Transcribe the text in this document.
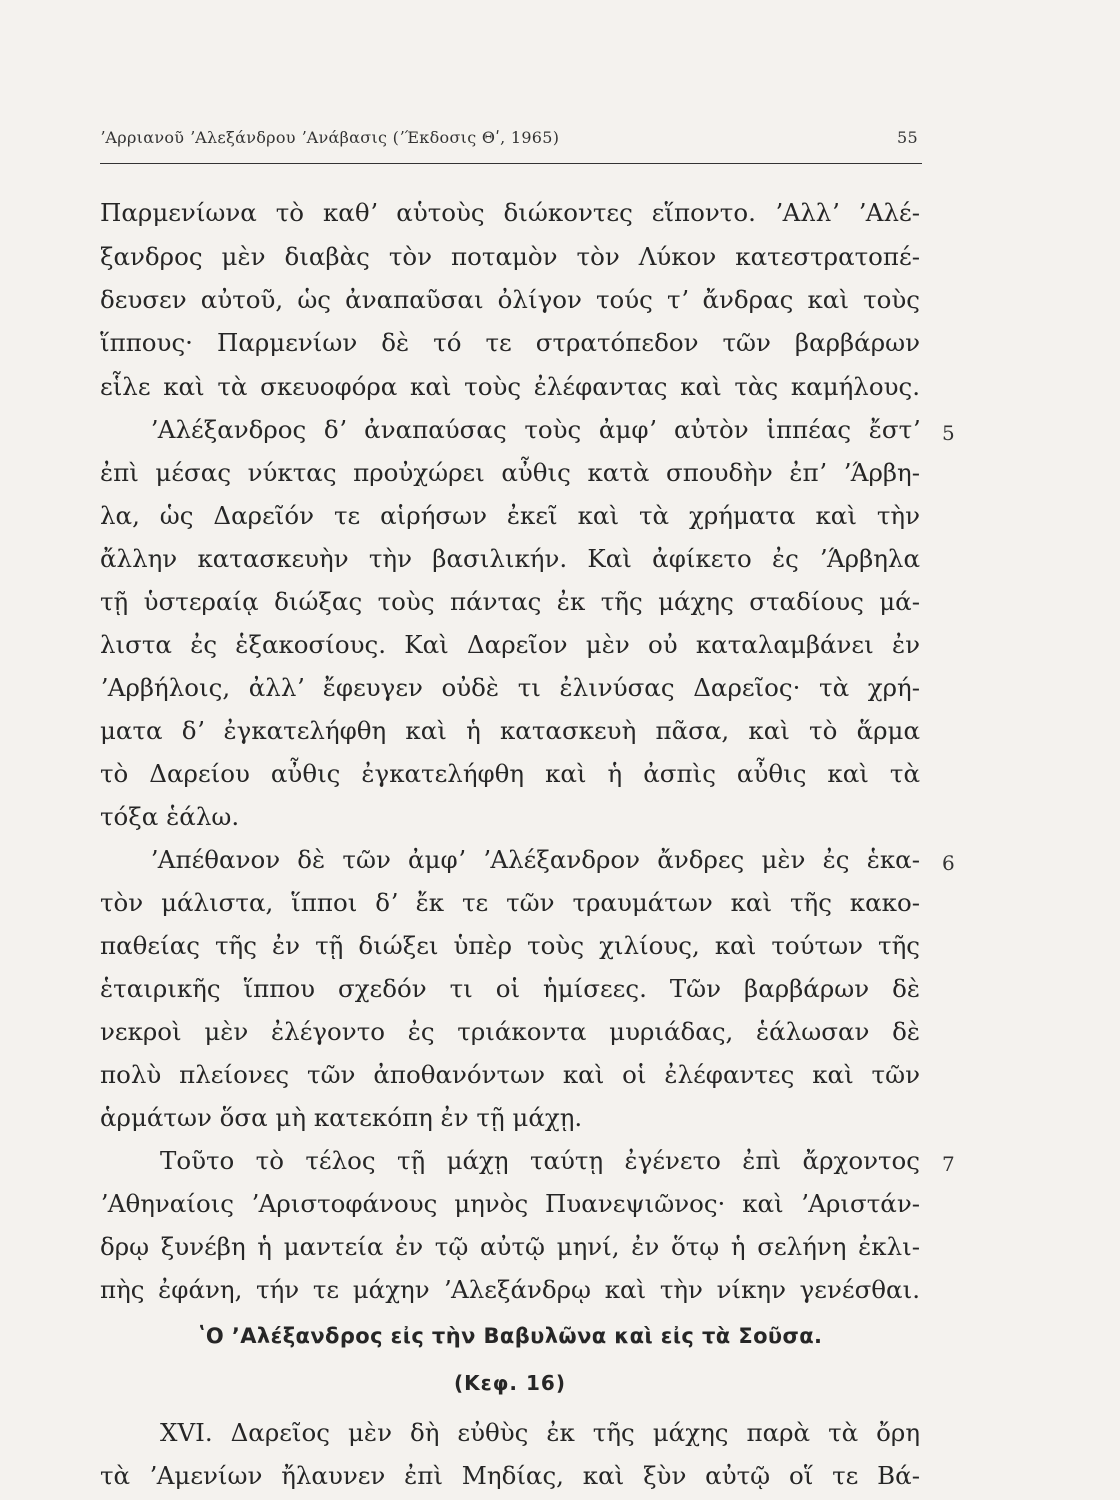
ʼΑρριανοῦ ʼΑλεξάνδρου ʼΑνάβασις (ʼΈκδοσις Θʹ, 1965)	55
Παρμενίωνα τὸ καθʼ αὑτοὺς διώκοντες εἵποντο. ʼΑλλʼ ʼΑλέ-
ξανδρος μὲν διαβὰς τὸν ποταμὸν τὸν Λύκον κατεστρατοπέ-
δευσεν αὐτοῦ, ὡς ἀναπαῦσαι ὀλίγον τούς τʼ ἄνδρας καὶ τοὺς
ἵππους· Παρμενίων δὲ τό τε στρατόπεδον τῶν βαρβάρων
εἷλε καὶ τὰ σκευοφόρα καὶ τοὺς ἐλέφαντας καὶ τὰς καμήλους.
ʼΑλέξανδρος δʼ ἀναπαύσας τοὺς ἀμφʼ αὐτὸν ἱππέας ἔστʼ
ἐπὶ μέσας νύκτας προὐχώρει αὖθις κατὰ σπουδὴν ἐπʼ ʼΆρβη-
λα, ὡς Δαρεῖόν τε αἱρήσων ἐκεῖ καὶ τὰ χρήματα καὶ τὴν
ἄλλην κατασκευὴν τὴν βασιλικήν. Καὶ ἀφίκετο ἐς ʼΆρβηλα
τῇ ὑστεραίᾳ διώξας τοὺς πάντας ἐκ τῆς μάχης σταδίους μά-
λιστα ἐς ἑξακοσίους. Καὶ Δαρεῖον μὲν οὐ καταλαμβάνει ἐν
ʼΑρβήλοις, ἀλλʼ ἔφευγεν οὐδὲ τι ἐλινύσας Δαρεῖος· τὰ χρή-
ματα δʼ ἐγκατελήφθη καὶ ἡ κατασκευὴ πᾶσα, καὶ τὸ ἅρμα
τὸ Δαρείου αὖθις ἐγκατελήφθη καὶ ἡ ἀσπὶς αὖθις καὶ τὰ
τόξα ἑάλω.
ʼΑπέθανον δὲ τῶν ἀμφʼ ʼΑλέξανδρον ἄνδρες μὲν ἐς ἑκα-
τὸν μάλιστα, ἵπποι δʼ ἔκ τε τῶν τραυμάτων καὶ τῆς κακο-
παθείας τῆς ἐν τῇ διώξει ὑπὲρ τοὺς χιλίους, καὶ τούτων τῆς
ἑταιρικῆς ἵππου σχεδόν τι οἱ ἡμίσεες. Τῶν βαρβάρων δὲ
νεκροὶ μὲν ἐλέγοντο ἐς τριάκοντα μυριάδας, ἑάλωσαν δὲ
πολὺ πλείονες τῶν ἀποθανόντων καὶ οἱ ἐλέφαντες καὶ τῶν
ἁρμάτων ὅσα μὴ κατεκόπη ἐν τῇ μάχῃ.
Τοῦτο τὸ τέλος τῇ μάχῃ ταύτῃ ἐγένετο ἐπὶ ἄρχοντος
ʼΑθηναίοις ʼΑριστοφάνους μηνὸς Πυανεψιῶνος· καὶ ʼΑριστάν-
δρῳ ξυνέβη ἡ μαντεία ἐν τῷ αὐτῷ μηνί, ἐν ὅτῳ ἡ σελήνη ἐκλι-
πὴς ἐφάνη, τήν τε μάχην ʼΑλεξάνδρῳ καὶ τὴν νίκην γενέσθαι.
ʽΟ ʼΑλέξανδρος εἰς τὴν Βαβυλῶνα καὶ εἰς τὰ Σοῦσα.
(Κεφ. 16)
XVI. Δαρεῖος μὲν δὴ εὐθὺς ἐκ τῆς μάχης παρὰ τὰ ὄρη
τὰ ʼΑμενίων ἤλαυνεν ἐπὶ Μηδίας, καὶ ξὺν αὐτῷ οἵ τε Βά-
5
6
7
